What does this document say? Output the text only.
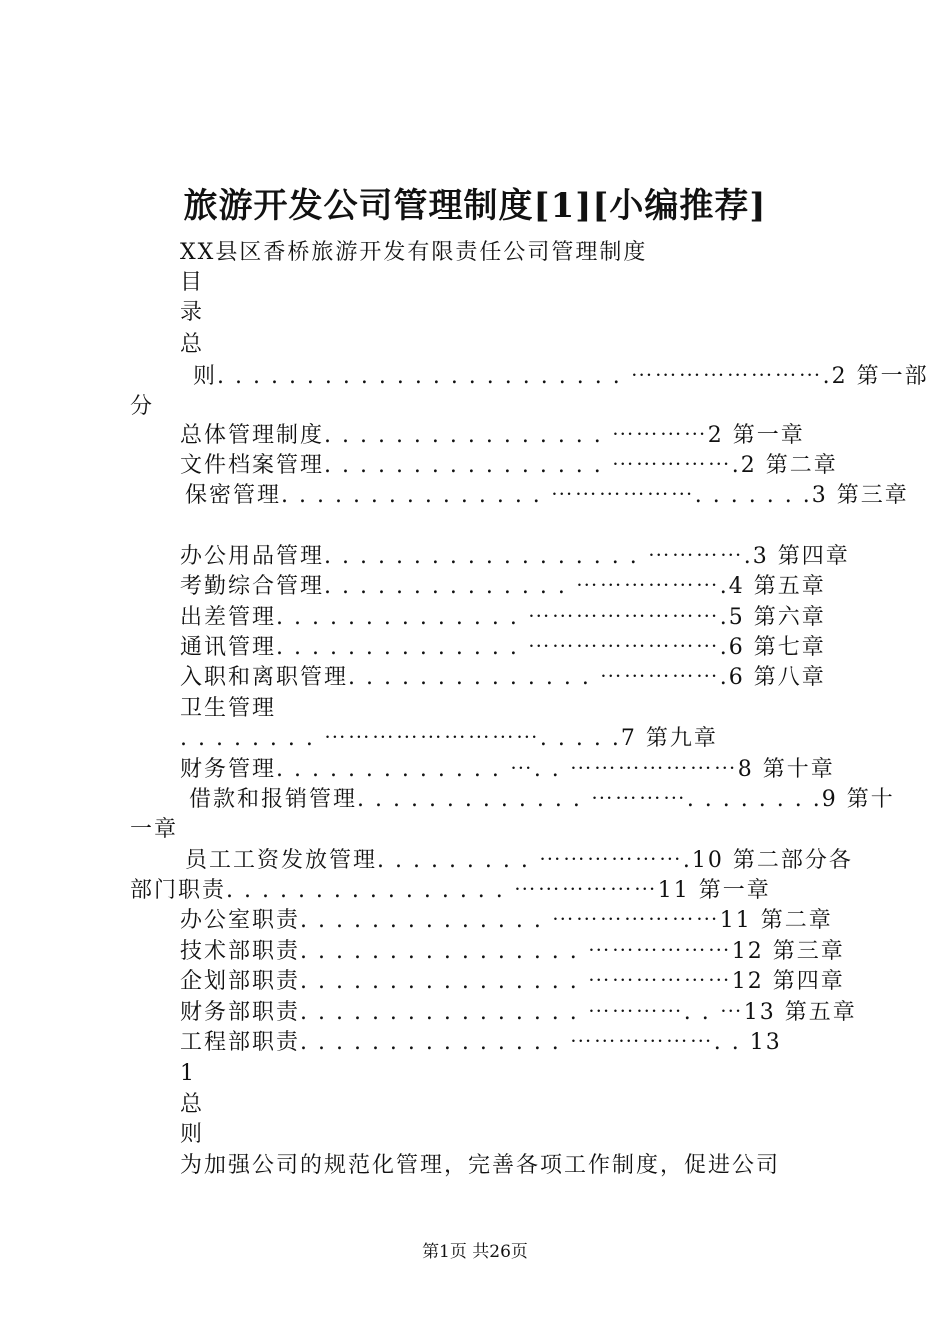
旅游开发公司管理制度[1][小编推荐]
XX县区香桥旅游开发有限责任公司管理制度
目
录
总
则. . . . . . . . . . . . . . . . . . . . . . . ⋯⋯⋯⋯⋯⋯⋯⋯.2 第一部
分
总体管理制度. . . . . . . . . . . . . . . . ⋯⋯⋯⋯2 第一章
文件档案管理. . . . . . . . . . . . . . . . ⋯⋯⋯⋯⋯.2 第二章
保密管理. . . . . . . . . . . . . . . ⋯⋯⋯⋯⋯⋯. . . . . . .3 第三章
办公用品管理. . . . . . . . . . . . . . . . . . ⋯⋯⋯⋯.3 第四章
考勤综合管理. . . . . . . . . . . . . . ⋯⋯⋯⋯⋯⋯.4 第五章
出差管理. . . . . . . . . . . . . . ⋯⋯⋯⋯⋯⋯⋯⋯.5 第六章
通讯管理. . . . . . . . . . . . . . ⋯⋯⋯⋯⋯⋯⋯⋯.6 第七章
入职和离职管理. . . . . . . . . . . . . . ⋯⋯⋯⋯⋯.6 第八章
卫生管理
. . . . . . . . ⋯⋯⋯⋯⋯⋯⋯⋯⋯. . . . .7 第九章
财务管理. . . . . . . . . . . . . ⋯. . ⋯⋯⋯⋯⋯⋯⋯8 第十章
借款和报销管理. . . . . . . . . . . . . ⋯⋯⋯⋯. . . . . . . .9 第十
一章
员工工资发放管理. . . . . . . . . ⋯⋯⋯⋯⋯⋯.10 第二部分各
部门职责. . . . . . . . . . . . . . . . ⋯⋯⋯⋯⋯⋯11 第一章
办公室职责. . . . . . . . . . . . . . ⋯⋯⋯⋯⋯⋯⋯11 第二章
技术部职责. . . . . . . . . . . . . . . . ⋯⋯⋯⋯⋯⋯12 第三章
企划部职责. . . . . . . . . . . . . . . . ⋯⋯⋯⋯⋯⋯12 第四章
财务部职责. . . . . . . . . . . . . . . . ⋯⋯⋯⋯. . ⋯13 第五章
工程部职责. . . . . . . . . . . . . . . ⋯⋯⋯⋯⋯⋯. . 13
1
总
则
为加强公司的规范化管理，完善各项工作制度，促进公司
第1页 共26页
